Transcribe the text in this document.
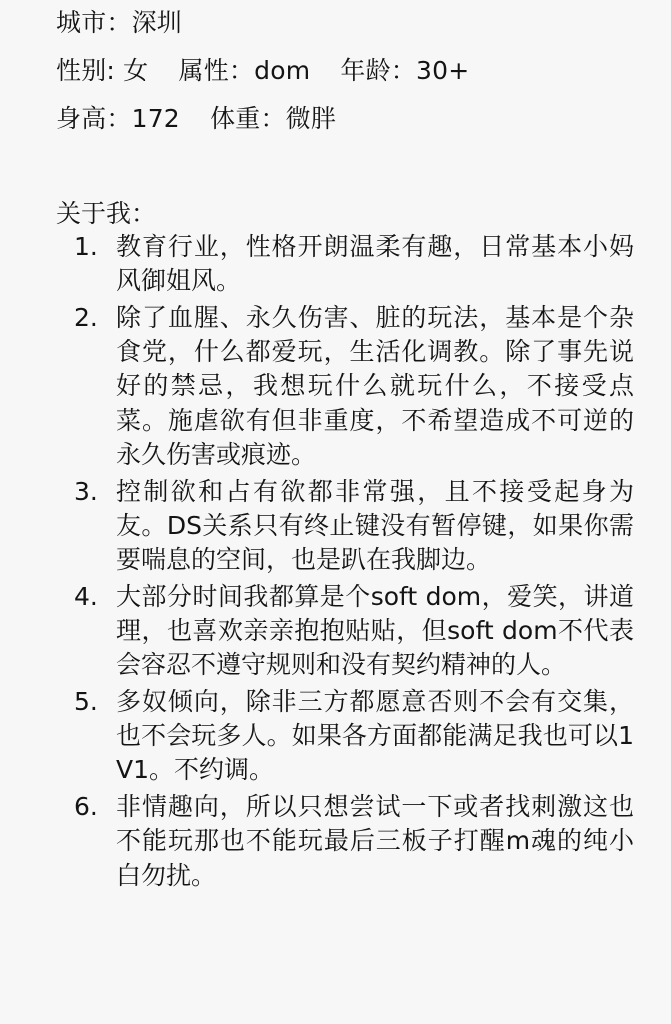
城市：深圳
性别: 女 属性：dom 年龄：30+
身高：172 体重：微胖
关于我：
1. 教育行业，性格开朗温柔有趣，日常基本小妈风御姐风。
2. 除了血腥、永久伤害、脏的玩法，基本是个杂食党，什么都爱玩，生活化调教。除了事先说好的禁忌，我想玩什么就玩什么，不接受点菜。施虐欲有但非重度，不希望造成不可逆的永久伤害或痕迹。
3. 控制欲和占有欲都非常强，且不接受起身为友。DS关系只有终止键没有暂停键，如果你需要喘息的空间，也是趴在我脚边。
4. 大部分时间我都算是个soft dom，爱笑，讲道理，也喜欢亲亲抱抱贴贴，但soft dom不代表会容忍不遵守规则和没有契约精神的人。
5. 多奴倾向，除非三方都愿意否则不会有交集，也不会玩多人。如果各方面都能满足我也可以1V1。不约调。
6. 非情趣向，所以只想尝试一下或者找刺激这也不能玩那也不能玩最后三板子打醒m魂的纯小白勿扰。
